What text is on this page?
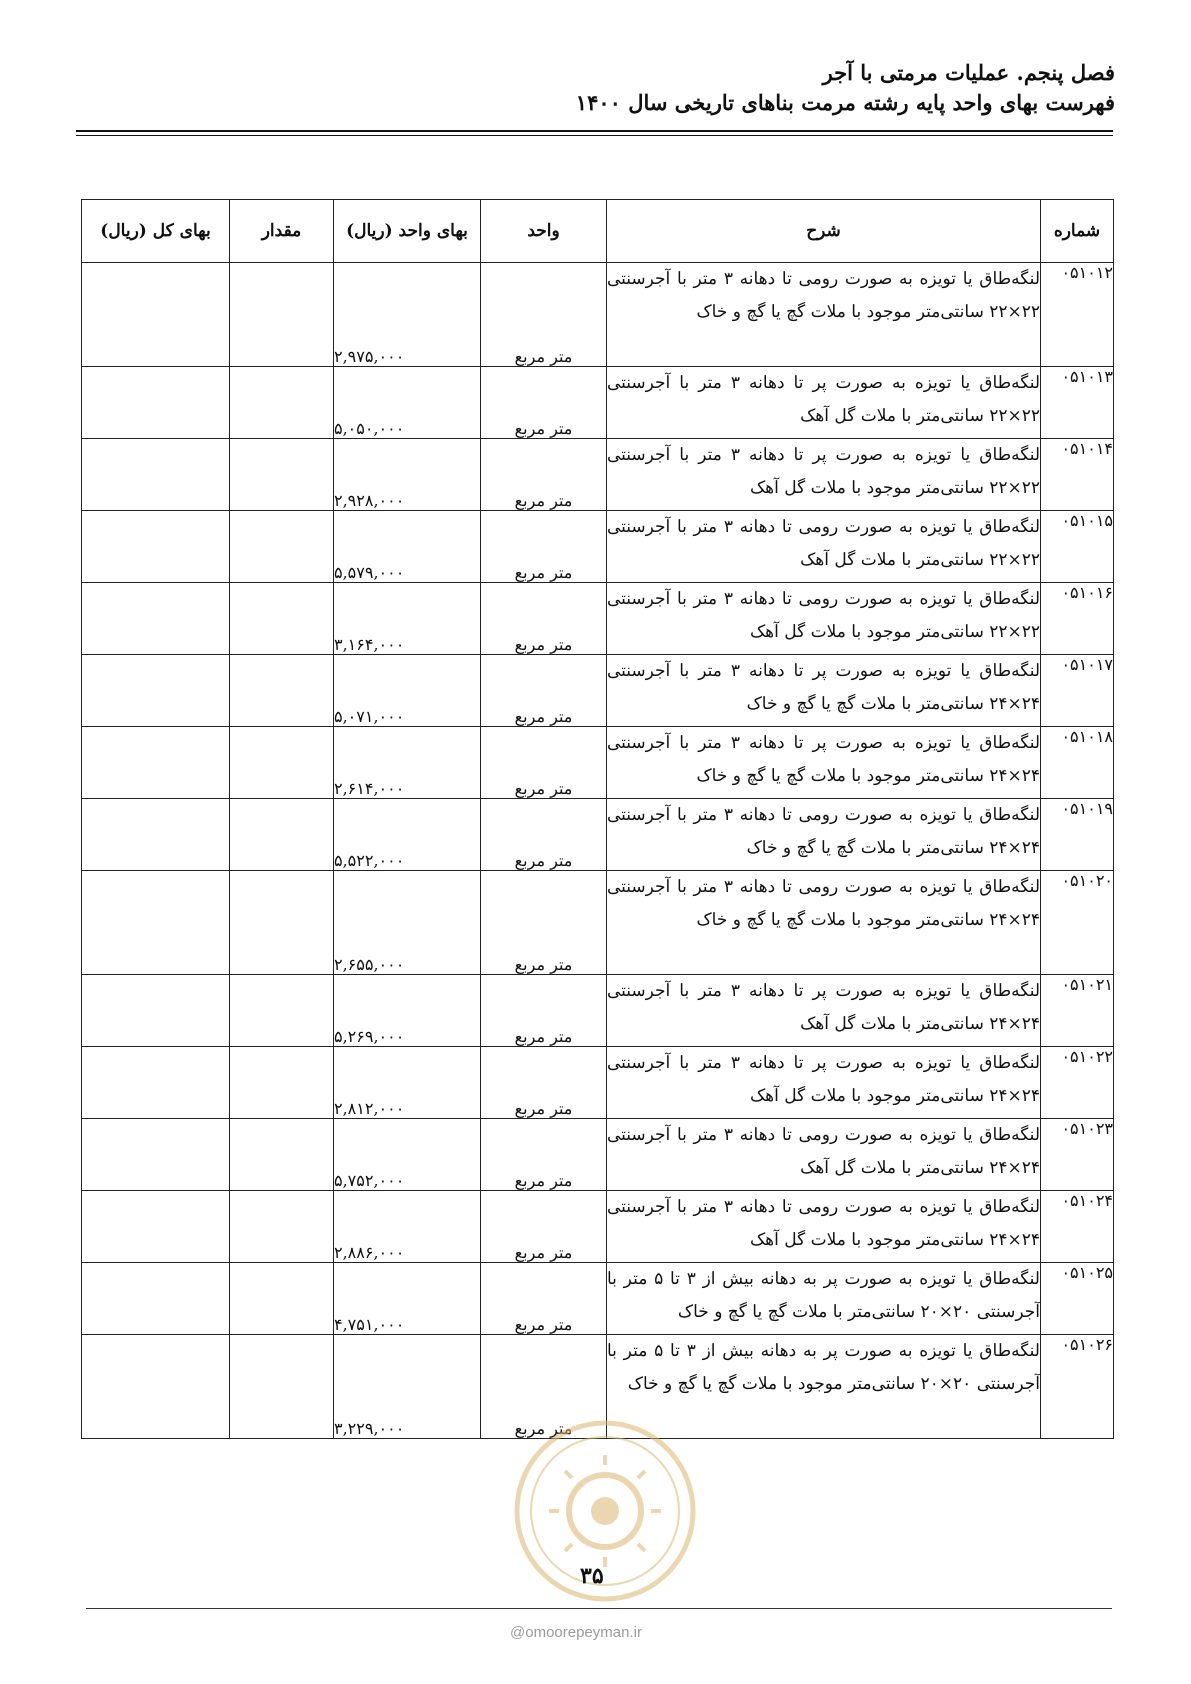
فصل پنجم. عملیات مرمتی با آجر
فهرست بهای واحد پایه رشته مرمت بناهای تاریخی سال ۱۴۰۰
شماره	شرح	واحد	بهای واحد (ریال)	مقدار	بهای کل (ریال)
۰۵۱۰۱۲	لنگه‌طاق یا تویزه به صورت رومی تا دهانه ۳ متر با آجرسنتی ۲۲×۲۲ سانتی‌متر موجود با ملات گچ یا گچ و خاک	متر مربع	۲,۹۷۵,۰۰۰		
۰۵۱۰۱۳	لنگه‌طاق یا تویزه به صورت پر تا دهانه ۳ متر با آجرسنتی ۲۲×۲۲ سانتی‌متر با ملات گل آهک	متر مربع	۵,۰۵۰,۰۰۰		
۰۵۱۰۱۴	لنگه‌طاق یا تویزه به صورت پر تا دهانه ۳ متر با آجرسنتی ۲۲×۲۲ سانتی‌متر موجود با ملات گل آهک	متر مربع	۲,۹۲۸,۰۰۰		
۰۵۱۰۱۵	لنگه‌طاق یا تویزه به صورت رومی تا دهانه ۳ متر با آجرسنتی ۲۲×۲۲ سانتی‌متر با ملات گل آهک	متر مربع	۵,۵۷۹,۰۰۰		
۰۵۱۰۱۶	لنگه‌طاق یا تویزه به صورت رومی تا دهانه ۳ متر با آجرسنتی ۲۲×۲۲ سانتی‌متر موجود با ملات گل آهک	متر مربع	۳,۱۶۴,۰۰۰		
۰۵۱۰۱۷	لنگه‌طاق یا تویزه به صورت پر تا دهانه ۳ متر با آجرسنتی ۲۴×۲۴ سانتی‌متر با ملات گچ یا گچ و خاک	متر مربع	۵,۰۷۱,۰۰۰		
۰۵۱۰۱۸	لنگه‌طاق یا تویزه به صورت پر تا دهانه ۳ متر با آجرسنتی ۲۴×۲۴ سانتی‌متر موجود با ملات گچ یا گچ و خاک	متر مربع	۲,۶۱۴,۰۰۰		
۰۵۱۰۱۹	لنگه‌طاق یا تویزه به صورت رومی تا دهانه ۳ متر با آجرسنتی ۲۴×۲۴ سانتی‌متر با ملات گچ یا گچ و خاک	متر مربع	۵,۵۲۲,۰۰۰		
۰۵۱۰۲۰	لنگه‌طاق یا تویزه به صورت رومی تا دهانه ۳ متر با آجرسنتی ۲۴×۲۴ سانتی‌متر موجود با ملات گچ یا گچ و خاک	متر مربع	۲,۶۵۵,۰۰۰		
۰۵۱۰۲۱	لنگه‌طاق یا تویزه به صورت پر تا دهانه ۳ متر با آجرسنتی ۲۴×۲۴ سانتی‌متر با ملات گل آهک	متر مربع	۵,۲۶۹,۰۰۰		
۰۵۱۰۲۲	لنگه‌طاق یا تویزه به صورت پر تا دهانه ۳ متر با آجرسنتی ۲۴×۲۴ سانتی‌متر موجود با ملات گل آهک	متر مربع	۲,۸۱۲,۰۰۰		
۰۵۱۰۲۳	لنگه‌طاق یا تویزه به صورت رومی تا دهانه ۳ متر با آجرسنتی ۲۴×۲۴ سانتی‌متر با ملات گل آهک	متر مربع	۵,۷۵۲,۰۰۰		
۰۵۱۰۲۴	لنگه‌طاق یا تویزه به صورت رومی تا دهانه ۳ متر با آجرسنتی ۲۴×۲۴ سانتی‌متر موجود با ملات گل آهک	متر مربع	۲,۸۸۶,۰۰۰		
۰۵۱۰۲۵	لنگه‌طاق یا تویزه به صورت پر به دهانه بیش از ۳ تا ۵ متر با آجرسنتی ۲۰×۲۰ سانتی‌متر با ملات گچ یا گچ و خاک	متر مربع	۴,۷۵۱,۰۰۰		
۰۵۱۰۲۶	لنگه‌طاق یا تویزه به صورت پر به دهانه بیش از ۳ تا ۵ متر با آجرسنتی ۲۰×۲۰ سانتی‌متر موجود با ملات گچ یا گچ و خاک	متر مربع	۳,۲۲۹,۰۰۰		
۳۵
@omoorepeyman.ir
